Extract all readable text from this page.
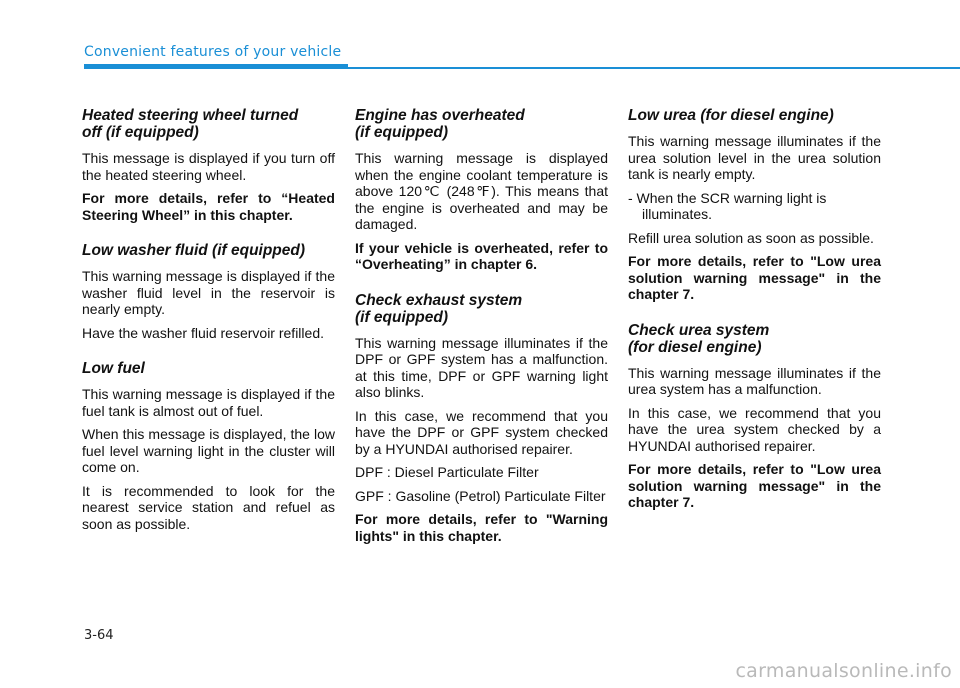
Convenient features of your vehicle
Heated steering wheel turned
off (if equipped)

This message is displayed if you turn off the heated steering wheel.

For more details, refer to “Heated Steering Wheel” in this chapter.

Low washer fluid (if equipped)

This warning message is displayed if the washer fluid level in the reservoir is nearly empty.

Have the washer fluid reservoir refilled.

Low fuel

This warning message is displayed if the fuel tank is almost out of fuel.

When this message is displayed, the low fuel level warning light in the cluster will come on.

It is recommended to look for the nearest service station and refuel as soon as possible.

Engine has overheated
(if equipped)

This warning message is displayed when the engine coolant temperature is above 120℃ (248℉). This means that the engine is overheated and may be damaged.

If your vehicle is overheated, refer to “Overheating” in chapter 6.

Check exhaust system
(if equipped)

This warning message illuminates if the DPF or GPF system has a malfunction. at this time, DPF or GPF warning light also blinks.

In this case, we recommend that you have the DPF or GPF system checked by a HYUNDAI authorised repairer.

DPF : Diesel Particulate Filter

GPF : Gasoline (Petrol) Particulate Filter

For more details, refer to "Warning lights" in this chapter.

Low urea (for diesel engine)

This warning message illuminates if the urea solution level in the urea solution tank is nearly empty.

- When the SCR warning light is illuminates.

Refill urea solution as soon as possible.

For more details, refer to "Low urea solution warning message" in the chapter 7.

Check urea system
(for diesel engine)

This warning message illuminates if the urea system has a malfunction.

In this case, we recommend that you have the urea system checked by a HYUNDAI authorised repairer.

For more details, refer to "Low urea solution warning message" in the chapter 7.

3-64
carmanualsonline.info
